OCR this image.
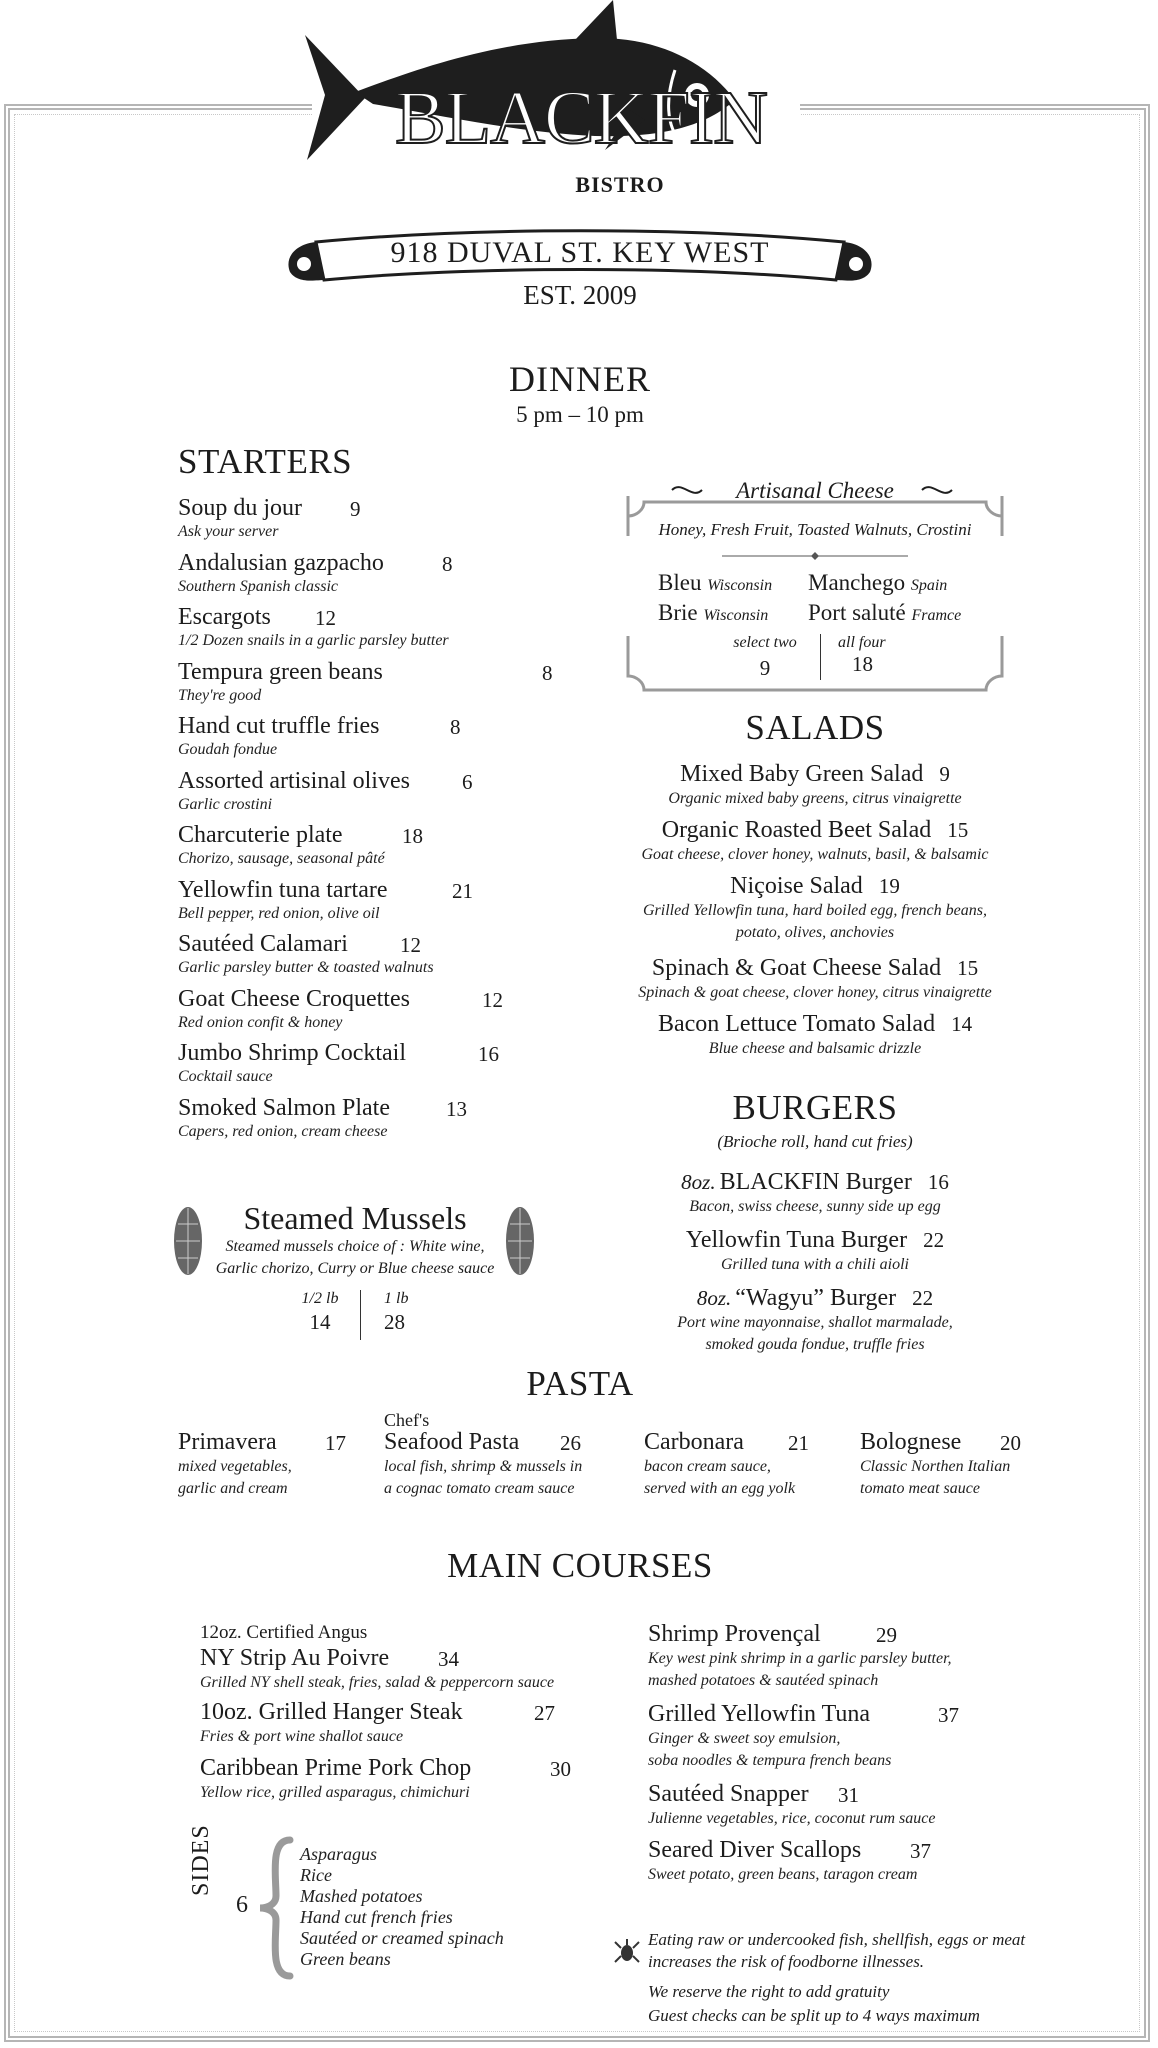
BLACKFIN
BISTRO
918 DUVAL ST. KEY WEST
EST. 2009
DINNER
5 pm – 10 pm
STARTERS
Soup du jour 9
Ask your server
Andalusian gazpacho	8
Southern Spanish classic
Escargots 12
1/2 Dozen snails in a garlic parsley butter
Tempura green beans	8
They're good
Hand cut truffle fries	8
Goudah fondue
Assorted artisinal olives 6
Garlic crostini
Charcuterie plate	18
Chorizo, sausage, seasonal pâté
Yellowfin tuna tartare	21
Bell pepper, red onion, olive oil
Sautéed Calamari 12
Garlic parsley butter & toasted walnuts
Goat Cheese Croquettes	12
Red onion confit & honey
Jumbo Shrimp Cocktail	16
Cocktail sauce
Smoked Salmon Plate	13
Capers, red onion, cream cheese
Artisanal Cheese
Honey, Fresh Fruit, Toasted Walnuts, Crostini
Bleu Wisconsin Manchego Spain
Brie Wisconsin Port saluté Framce
select two
9
all four
18
SALADS
Mixed Baby Green Salad 9
Organic mixed baby greens, citrus vinaigrette
Organic Roasted Beet Salad 15
Goat cheese, clover honey, walnuts, basil, & balsamic
Niçoise Salad 19
Grilled Yellowfin tuna, hard boiled egg, french beans,
potato, olives, anchovies
Spinach & Goat Cheese Salad 15
Spinach & goat cheese, clover honey, citrus vinaigrette
Bacon Lettuce Tomato Salad 14
Blue cheese and balsamic drizzle
BURGERS
(Brioche roll, hand cut fries)
8oz. BLACKFIN Burger 16
Bacon, swiss cheese, sunny side up egg
Yellowfin Tuna Burger 22
Grilled tuna with a chili aioli
8oz. “Wagyu” Burger 22
Port wine mayonnaise, shallot marmalade,
smoked gouda fondue, truffle fries
Steamed Mussels
Steamed mussels choice of : White wine,
Garlic chorizo, Curry or Blue cheese sauce
1/2 lb
14
1 lb
28
PASTA
Primavera 17
mixed vegetables,
garlic and cream
Chef's
Seafood Pasta 26
local fish, shrimp & mussels in
a cognac tomato cream sauce
Carbonara 21
bacon cream sauce,
served with an egg yolk
Bolognese 20
Classic Northen Italian
tomato meat sauce
MAIN COURSES
12oz. Certified Angus
NY Strip Au Poivre 34
Grilled NY shell steak, fries, salad & peppercorn sauce
10oz. Grilled Hanger Steak	27
Fries & port wine shallot sauce
Caribbean Prime Pork Chop	30
Yellow rice, grilled asparagus, chimichuri
Shrimp Provençal	29
Key west pink shrimp in a garlic parsley butter,
mashed potatoes & sautéed spinach
Grilled Yellowfin Tuna	37
Ginger & sweet soy emulsion,
soba noodles & tempura french beans
Sautéed Snapper 31
Julienne vegetables, rice, coconut rum sauce
Seared Diver Scallops 37
Sweet potato, green beans, taragon cream
SIDES
6
Asparagus
Rice
Mashed potatoes
Hand cut french fries
Sautéed or creamed spinach
Green beans
Eating raw or undercooked fish, shellfish, eggs or meat
increases the risk of foodborne illnesses.
We reserve the right to add gratuity
Guest checks can be split up to 4 ways maximum
